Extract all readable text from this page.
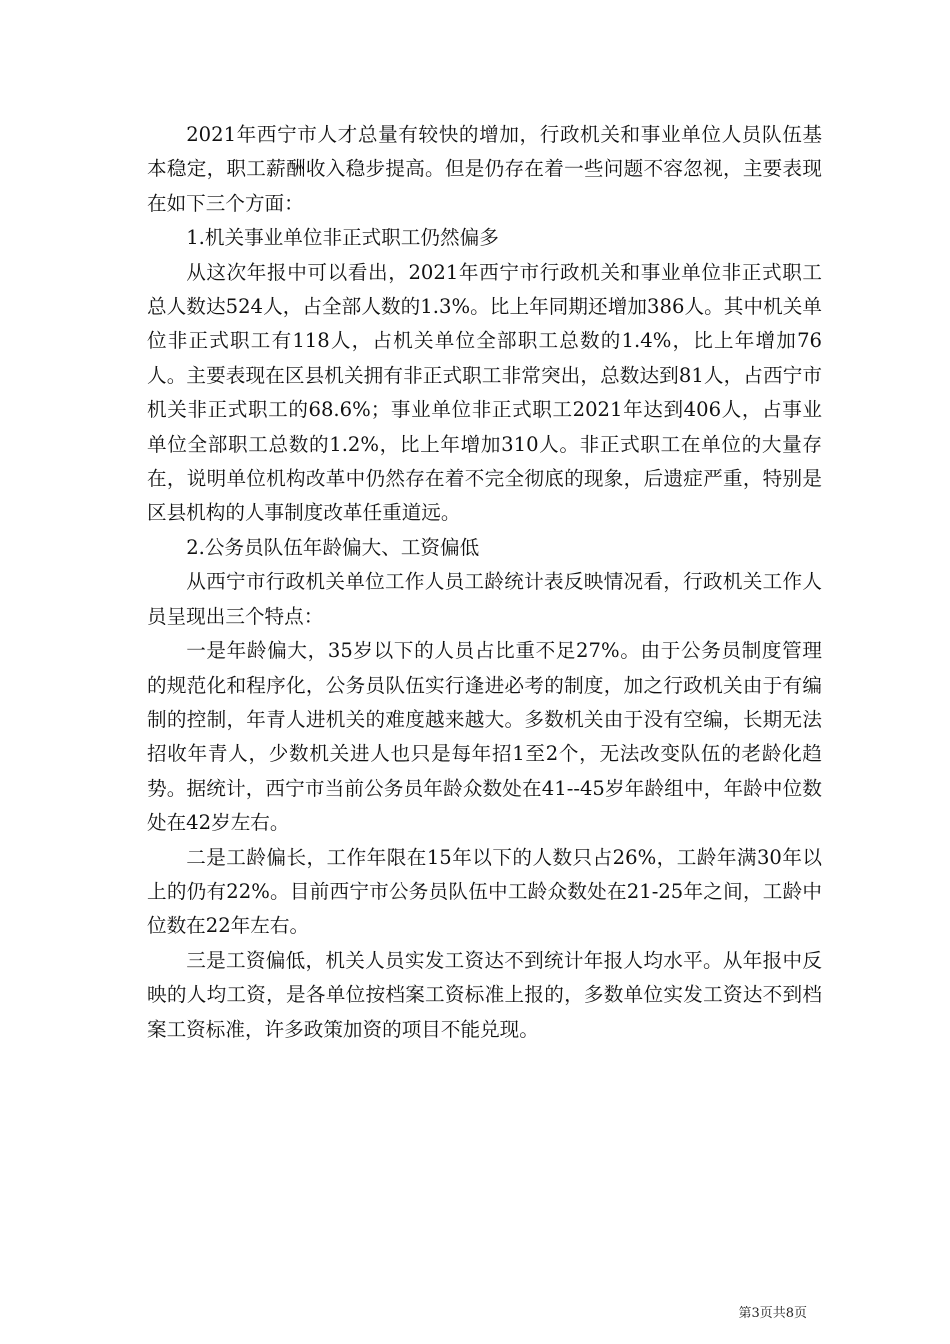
2021年西宁市人才总量有较快的增加，行政机关和事业单位人员队伍基本稳定，职工薪酬收入稳步提高。但是仍存在着一些问题不容忽视，主要表现在如下三个方面：

1.机关事业单位非正式职工仍然偏多

从这次年报中可以看出，2021年西宁市行政机关和事业单位非正式职工总人数达524人，占全部人数的1.3%。比上年同期还增加386人。其中机关单位非正式职工有118人，占机关单位全部职工总数的1.4%，比上年增加76人。主要表现在区县机关拥有非正式职工非常突出，总数达到81人，占西宁市机关非正式职工的68.6%；事业单位非正式职工2021年达到406人，占事业单位全部职工总数的1.2%，比上年增加310人。非正式职工在单位的大量存在，说明单位机构改革中仍然存在着不完全彻底的现象，后遗症严重，特别是区县机构的人事制度改革任重道远。

2.公务员队伍年龄偏大、工资偏低

从西宁市行政机关单位工作人员工龄统计表反映情况看，行政机关工作人员呈现出三个特点：

一是年龄偏大，35岁以下的人员占比重不足27%。由于公务员制度管理的规范化和程序化，公务员队伍实行逢进必考的制度，加之行政机关由于有编制的控制，年青人进机关的难度越来越大。多数机关由于没有空编，长期无法招收年青人，少数机关进人也只是每年招1至2个，无法改变队伍的老龄化趋势。据统计，西宁市当前公务员年龄众数处在41--45岁年龄组中，年龄中位数处在42岁左右。

二是工龄偏长，工作年限在15年以下的人数只占26%，工龄年满30年以上的仍有22%。目前西宁市公务员队伍中工龄众数处在21-25年之间，工龄中位数在22年左右。

三是工资偏低，机关人员实发工资达不到统计年报人均水平。从年报中反映的人均工资，是各单位按档案工资标准上报的，多数单位实发工资达不到档案工资标准，许多政策加资的项目不能兑现。

第3页共8页
